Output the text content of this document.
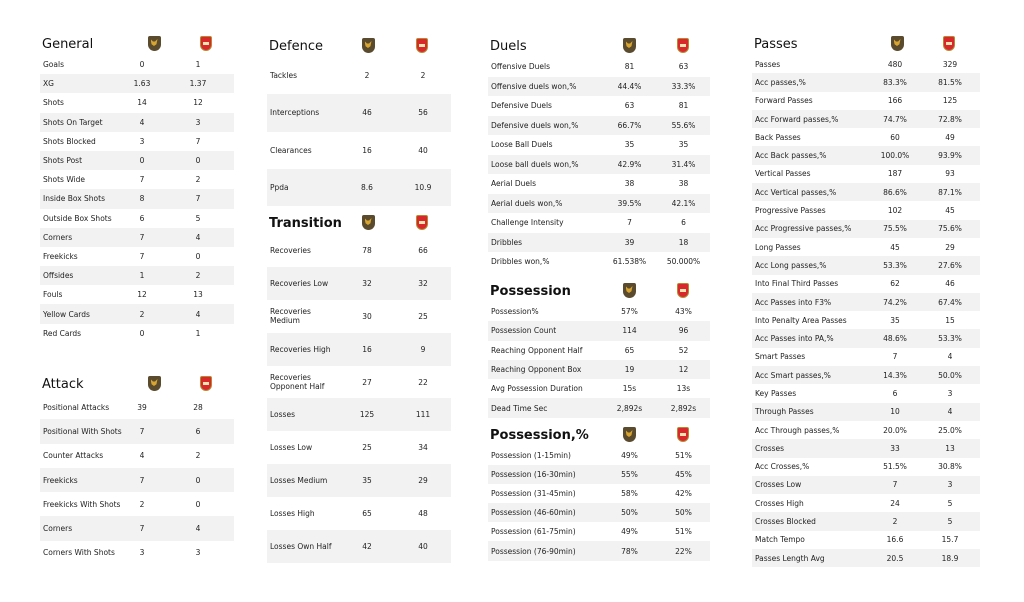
General
Goals	0	1
XG	1.63	1.37
Shots	14	12
Shots On Target	4	3
Shots Blocked	3	7
Shots Post	0	0
Shots Wide	7	2
Inside Box Shots	8	7
Outside Box Shots	6	5
Corners	7	4
Freekicks	7	0
Offsides	1	2
Fouls	12	13
Yellow Cards	2	4
Red Cards	0	1
Attack
Positional Attacks	39	28
Positional With Shots	7	6
Counter Attacks	4	2
Freekicks	7	0
Freekicks With Shots	2	0
Corners	7	4
Corners With Shots	3	3
Defence
Tackles	2	2
Interceptions	46	56
Clearances	16	40
Ppda	8.6	10.9
Transition
Recoveries	78	66
Recoveries Low	32	32
Recoveries Medium	30	25
Recoveries High	16	9
Recoveries Opponent Half	27	22
Losses	125	111
Losses Low	25	34
Losses Medium	35	29
Losses High	65	48
Losses Own Half	42	40
Duels
Offensive Duels	81	63
Offensive duels won,%	44.4%	33.3%
Defensive Duels	63	81
Defensive duels won,%	66.7%	55.6%
Loose Ball Duels	35	35
Loose ball duels won,%	42.9%	31.4%
Aerial Duels	38	38
Aerial duels won,%	39.5%	42.1%
Challenge Intensity	7	6
Dribbles	39	18
Dribbles won,%	61.538%	50.000%
Possession
Possession%	57%	43%
Possession Count	114	96
Reaching Opponent Half	65	52
Reaching Opponent Box	19	12
Avg Possession Duration	15s	13s
Dead Time Sec	2,892s	2,892s
Possession,%
Possession (1-15min)	49%	51%
Possession (16-30min)	55%	45%
Possession (31-45min)	58%	42%
Possession (46-60min)	50%	50%
Possession (61-75min)	49%	51%
Possession (76-90min)	78%	22%
Passes
Passes	480	329
Acc passes,%	83.3%	81.5%
Forward Passes	166	125
Acc Forward passes,%	74.7%	72.8%
Back Passes	60	49
Acc Back passes,%	100.0%	93.9%
Vertical Passes	187	93
Acc Vertical passes,%	86.6%	87.1%
Progressive Passes	102	45
Acc Progressive passes,%	75.5%	75.6%
Long Passes	45	29
Acc Long passes,%	53.3%	27.6%
Into Final Third Passes	62	46
Acc Passes into F3%	74.2%	67.4%
Into Penalty Area Passes	35	15
Acc Passes into PA,%	48.6%	53.3%
Smart Passes	7	4
Acc Smart passes,%	14.3%	50.0%
Key Passes	6	3
Through Passes	10	4
Acc Through passes,%	20.0%	25.0%
Crosses	33	13
Acc Crosses,%	51.5%	30.8%
Crosses Low	7	3
Crosses High	24	5
Crosses Blocked	2	5
Match Tempo	16.6	15.7
Passes Length Avg	20.5	18.9
